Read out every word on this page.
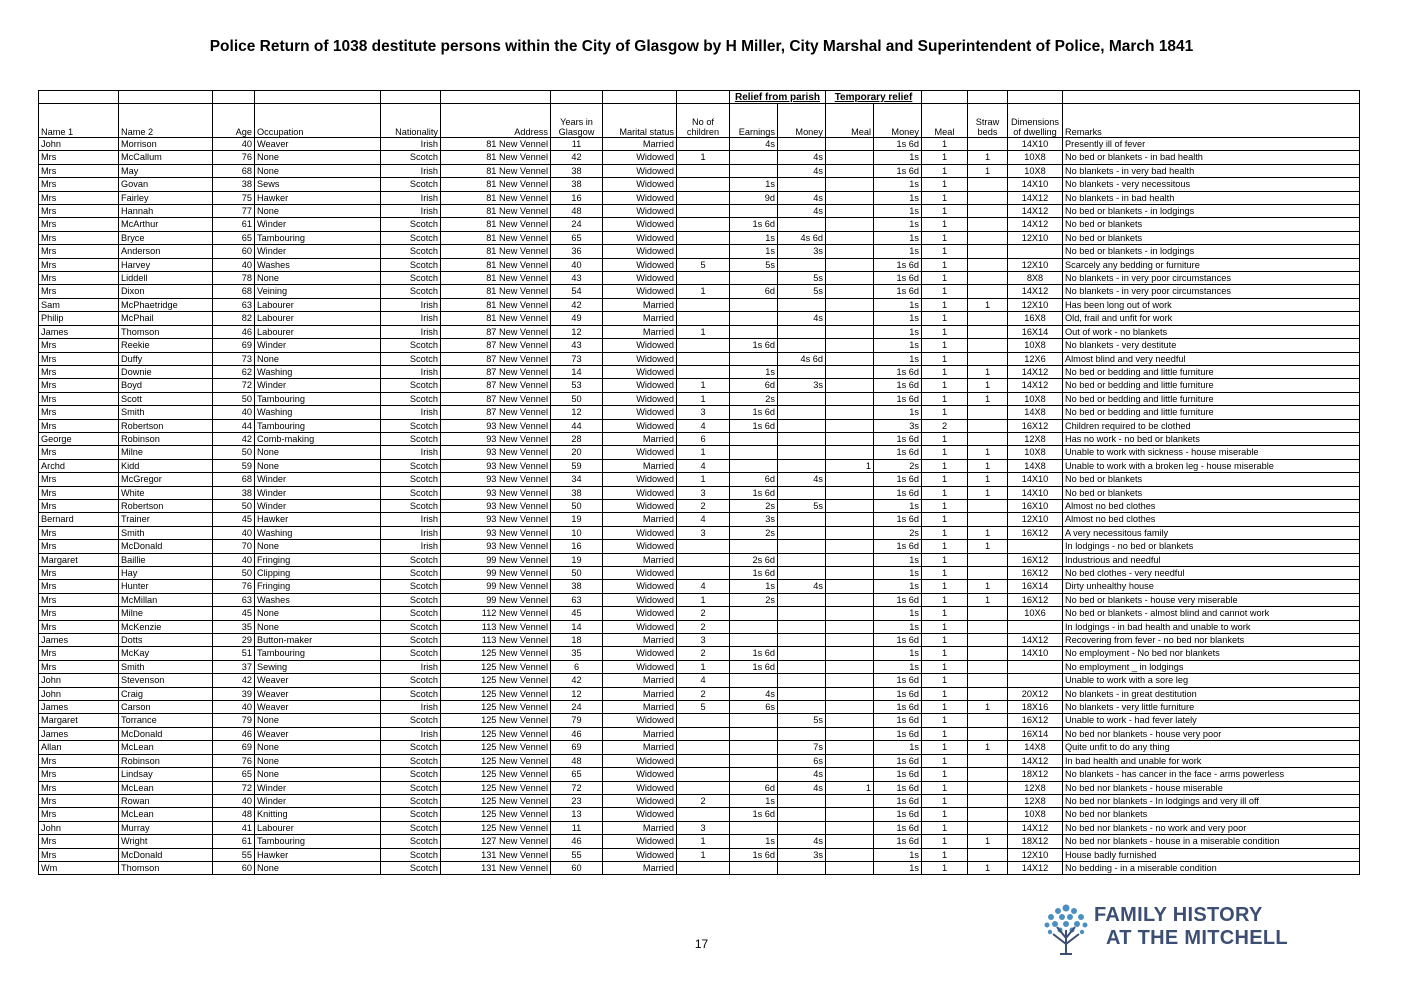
Police Return of 1038 destitute persons within the City of Glasgow by H Miller, City Marshal and Superintendent of Police, March 1841
									Relief from parish		Temporary relief					
Name 1	Name 2	Age	Occupation	Nationality	Address	Years in Glasgow	Marital status	No of children	Earnings	Money	Meal	Money	Meal	Straw beds	Dimensions of dwelling	Remarks
John	Morrison	40	Weaver	Irish	81 New Vennel	11	Married		4s			1s 6d	1		14X10	Presently ill of fever
Mrs	McCallum	76	None	Scotch	81 New Vennel	42	Widowed	1		4s		1s	1	1	10X8	No bed or blankets - in bad health
Mrs	May	68	None	Irish	81 New Vennel	38	Widowed			4s		1s 6d	1	1	10X8	No blankets - in very bad health
Mrs	Govan	38	Sews	Scotch	81 New Vennel	38	Widowed		1s			1s	1		14X10	No blankets - very necessitous
Mrs	Fairley	75	Hawker	Irish	81 New Vennel	16	Widowed		9d	4s		1s	1		14X12	No blankets - in bad health
Mrs	Hannah	77	None	Irish	81 New Vennel	48	Widowed			4s		1s	1		14X12	No bed or blankets - in lodgings
Mrs	McArthur	61	Winder	Scotch	81 New Vennel	24	Widowed		1s 6d			1s	1		14X12	No bed or blankets
Mrs	Bryce	65	Tambouring	Scotch	81 New Vennel	65	Widowed		1s	4s 6d		1s	1		12X10	No bed or blankets
Mrs	Anderson	60	Winder	Scotch	81 New Vennel	36	Widowed		1s	3s		1s	1			No bed or blankets - in lodgings
Mrs	Harvey	40	Washes	Scotch	81 New Vennel	40	Widowed	5	5s			1s 6d	1		12X10	Scarcely any bedding or furniture
Mrs	Liddell	78	None	Scotch	81 New Vennel	43	Widowed			5s		1s 6d	1		8X8	No blankets - in very poor circumstances
Mrs	Dixon	68	Veining	Scotch	81 New Vennel	54	Widowed	1	6d	5s		1s 6d	1		14X12	No blankets - in very poor circumstances
Sam	McPhaetridge	63	Labourer	Irish	81 New Vennel	42	Married					1s	1	1	12X10	Has been long out of work
Philip	McPhail	82	Labourer	Irish	81 New Vennel	49	Married			4s		1s	1		16X8	Old, frail and unfit for work
James	Thomson	46	Labourer	Irish	87 New Vennel	12	Married	1				1s	1		16X14	Out of work - no blankets
Mrs	Reekie	69	Winder	Scotch	87 New Vennel	43	Widowed		1s 6d			1s	1		10X8	No blankets - very destitute
Mrs	Duffy	73	None	Scotch	87 New Vennel	73	Widowed			4s 6d		1s	1		12X6	Almost blind and very needful
Mrs	Downie	62	Washing	Irish	87 New Vennel	14	Widowed		1s			1s 6d	1	1	14X12	No bed or bedding and little furniture
Mrs	Boyd	72	Winder	Scotch	87 New Vennel	53	Widowed	1	6d	3s		1s 6d	1	1	14X12	No bed or bedding and little furniture
Mrs	Scott	50	Tambouring	Scotch	87 New Vennel	50	Widowed	1	2s			1s 6d	1	1	10X8	No bed or bedding and little furniture
Mrs	Smith	40	Washing	Irish	87 New Vennel	12	Widowed	3	1s 6d			1s	1		14X8	No bed or bedding and little furniture
Mrs	Robertson	44	Tambouring	Scotch	93 New Vennel	44	Widowed	4	1s 6d			3s	2		16X12	Children required to be clothed
George	Robinson	42	Comb-making	Scotch	93 New Vennel	28	Married	6				1s 6d	1		12X8	Has no work - no bed or blankets
Mrs	Milne	50	None	Irish	93 New Vennel	20	Widowed	1				1s 6d	1	1	10X8	Unable to work with sickness - house miserable
Archd	Kidd	59	None	Scotch	93 New Vennel	59	Married	4			1	2s	1	1	14X8	Unable to work with a broken leg - house miserable
Mrs	McGregor	68	Winder	Scotch	93 New Vennel	34	Widowed	1	6d	4s		1s 6d	1	1	14X10	No bed or blankets
Mrs	White	38	Winder	Scotch	93 New Vennel	38	Widowed	3	1s 6d			1s 6d	1	1	14X10	No bed or blankets
Mrs	Robertson	50	Winder	Scotch	93 New Vennel	50	Widowed	2	2s	5s		1s	1		16X10	Almost no bed clothes
Bernard	Trainer	45	Hawker	Irish	93 New Vennel	19	Married	4	3s			1s 6d	1		12X10	Almost no bed clothes
Mrs	Smith	40	Washing	Irish	93 New Vennel	10	Widowed	3	2s			2s	1	1	16X12	A very necessitous family
Mrs	McDonald	70	None	Irish	93 New Vennel	16	Widowed					1s 6d	1	1		In lodgings - no bed or blankets
Margaret	Baillie	40	Fringing	Scotch	99 New Vennel	19	Married		2s 6d			1s	1		16X12	Industrious and needful
Mrs	Hay	50	Clipping	Scotch	99 New Vennel	50	Widowed		1s 6d			1s	1		16X12	No bed clothes - very needful
Mrs	Hunter	76	Fringing	Scotch	99 New Vennel	38	Widowed	4	1s	4s		1s	1	1	16X14	Dirty unhealthy house
Mrs	McMillan	63	Washes	Scotch	99 New Vennel	63	Widowed	1	2s			1s 6d	1	1	16X12	No bed or blankets - house very miserable
Mrs	Milne	45	None	Scotch	112 New Vennel	45	Widowed	2				1s	1		10X6	No bed or blankets - almost blind and cannot work
Mrs	McKenzie	35	None	Scotch	113 New Vennel	14	Widowed	2				1s	1			In lodgings - in bad health and unable to work
James	Dotts	29	Button-maker	Scotch	113 New Vennel	18	Married	3				1s 6d	1		14X12	Recovering from fever - no bed nor blankets
Mrs	McKay	51	Tambouring	Scotch	125 New Vennel	35	Widowed	2	1s 6d			1s	1		14X10	No employment - No bed nor blankets
Mrs	Smith	37	Sewing	Irish	125 New Vennel	6	Widowed	1	1s 6d			1s	1			No employment _ in lodgings
John	Stevenson	42	Weaver	Scotch	125 New Vennel	42	Married	4				1s 6d	1			Unable to work with a sore leg
John	Craig	39	Weaver	Scotch	125 New Vennel	12	Married	2	4s			1s 6d	1		20X12	No blankets - in great destitution
James	Carson	40	Weaver	Irish	125 New Vennel	24	Married	5	6s			1s 6d	1	1	18X16	No blankets - very little furniture
Margaret	Torrance	79	None	Scotch	125 New Vennel	79	Widowed			5s		1s 6d	1		16X12	Unable to work - had fever lately
James	McDonald	46	Weaver	Irish	125 New Vennel	46	Married					1s 6d	1		16X14	No bed nor blankets - house very poor
Allan	McLean	69	None	Scotch	125 New Vennel	69	Married			7s		1s	1	1	14X8	Quite unfit to do any thing
Mrs	Robinson	76	None	Scotch	125 New Vennel	48	Widowed			6s		1s 6d	1		14X12	In bad health and unable for work
Mrs	Lindsay	65	None	Scotch	125 New Vennel	65	Widowed			4s		1s 6d	1		18X12	No blankets - has cancer in the face - arms powerless
Mrs	McLean	72	Winder	Scotch	125 New Vennel	72	Widowed		6d	4s	1	1s 6d	1		12X8	No bed nor blankets - house miserable
Mrs	Rowan	40	Winder	Scotch	125 New Vennel	23	Widowed	2	1s			1s 6d	1		12X8	No bed nor blankets - In lodgings and very ill off
Mrs	McLean	48	Knitting	Scotch	125 New Vennel	13	Widowed		1s 6d			1s 6d	1		10X8	No bed nor blankets
John	Murray	41	Labourer	Scotch	125 New Vennel	11	Married	3				1s 6d	1		14X12	No bed nor blankets - no work and very poor
Mrs	Wright	61	Tambouring	Scotch	127 New Vennel	46	Widowed	1	1s	4s		1s 6d	1	1	18X12	No bed nor blankets - house in a miserable condition
Mrs	McDonald	55	Hawker	Scotch	131 New Vennel	55	Widowed	1	1s 6d	3s		1s	1		12X10	House badly furnished
Wm	Thomson	60	None	Scotch	131 New Vennel	60	Married					1s	1	1	14X12	No bedding - in a miserable condition
17
FAMILY HISTORY
AT THE MITCHELL
